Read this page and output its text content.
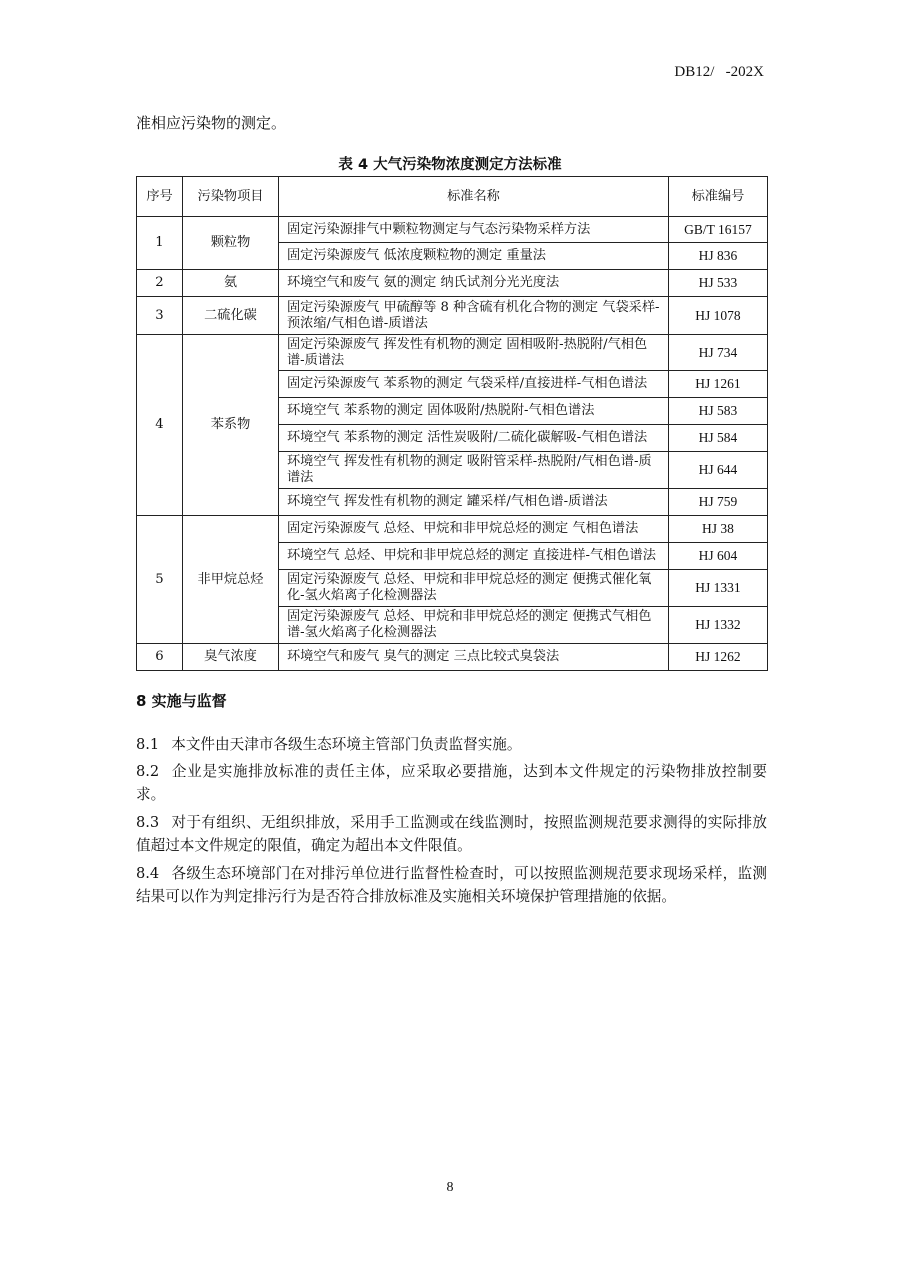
DB12/   -202X
准相应污染物的测定。
表 4 大气污染物浓度测定方法标准
序号	污染物项目	标准名称	标准编号
1	颗粒物	固定污染源排气中颗粒物测定与气态污染物采样方法	GB/T 16157
		固定污染源废气 低浓度颗粒物的测定 重量法	HJ 836
2	氨	环境空气和废气 氨的测定 纳氏试剂分光光度法	HJ 533
3	二硫化碳	固定污染源废气 甲硫醇等 8 种含硫有机化合物的测定 气袋采样-预浓缩/气相色谱-质谱法	HJ 1078
4	苯系物	固定污染源废气 挥发性有机物的测定 固相吸附-热脱附/气相色谱-质谱法	HJ 734
		固定污染源废气 苯系物的测定 气袋采样/直接进样-气相色谱法	HJ 1261
		环境空气 苯系物的测定 固体吸附/热脱附-气相色谱法	HJ 583
		环境空气 苯系物的测定 活性炭吸附/二硫化碳解吸-气相色谱法	HJ 584
		环境空气 挥发性有机物的测定 吸附管采样-热脱附/气相色谱-质谱法	HJ 644
		环境空气 挥发性有机物的测定 罐采样/气相色谱-质谱法	HJ 759
5	非甲烷总烃	固定污染源废气 总烃、甲烷和非甲烷总烃的测定 气相色谱法	HJ 38
		环境空气 总烃、甲烷和非甲烷总烃的测定 直接进样-气相色谱法	HJ 604
		固定污染源废气 总烃、甲烷和非甲烷总烃的测定 便携式催化氧化-氢火焰离子化检测器法	HJ 1331
		固定污染源废气 总烃、甲烷和非甲烷总烃的测定 便携式气相色谱-氢火焰离子化检测器法	HJ 1332
6	臭气浓度	环境空气和废气 臭气的测定 三点比较式臭袋法	HJ 1262
8 实施与监督
8.1 本文件由天津市各级生态环境主管部门负责监督实施。
8.2 企业是实施排放标准的责任主体，应采取必要措施，达到本文件规定的污染物排放控制要求。
8.3 对于有组织、无组织排放，采用手工监测或在线监测时，按照监测规范要求测得的实际排放值超过本文件规定的限值，确定为超出本文件限值。
8.4 各级生态环境部门在对排污单位进行监督性检查时，可以按照监测规范要求现场采样，监测结果可以作为判定排污行为是否符合排放标准及实施相关环境保护管理措施的依据。
8
